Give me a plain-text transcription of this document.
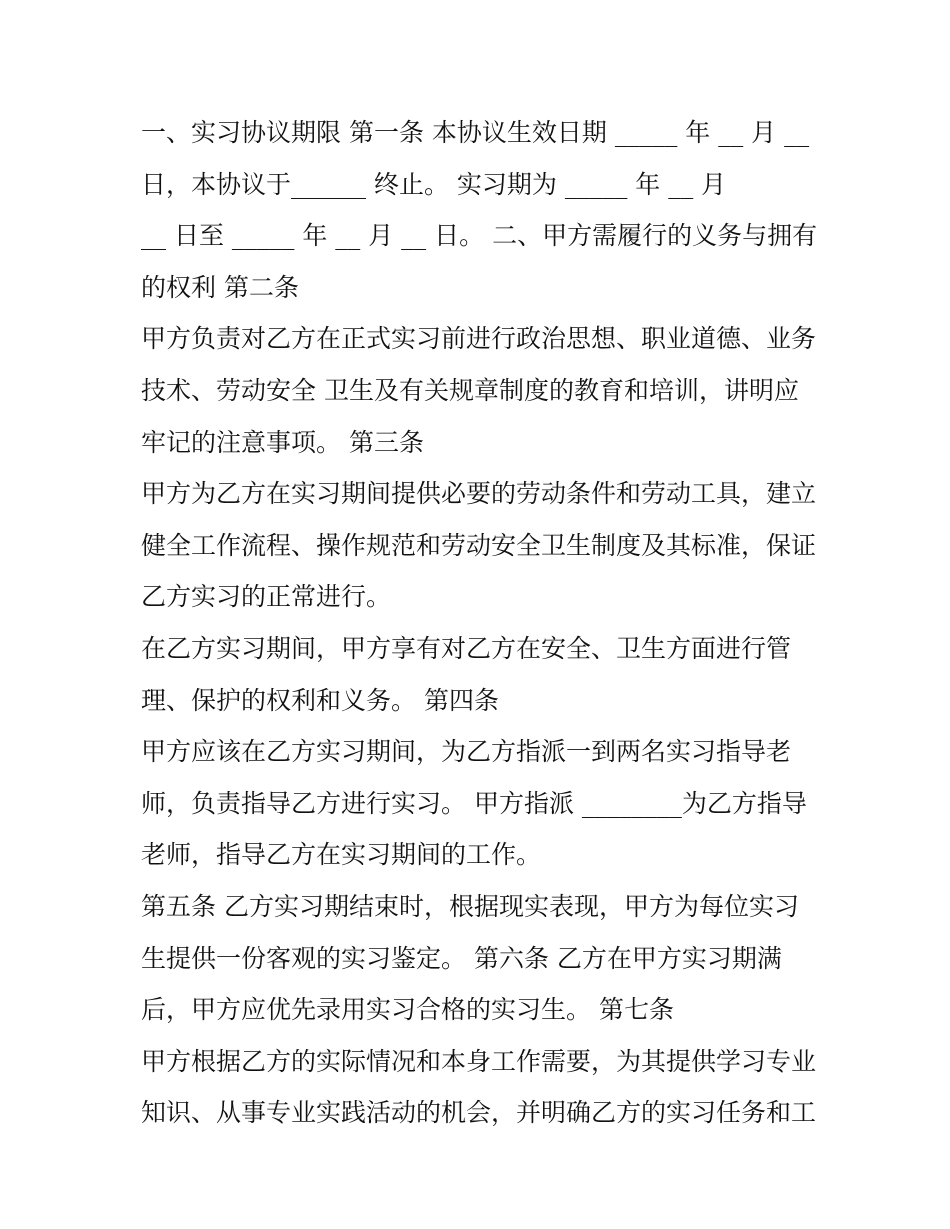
一、实习协议期限 第一条 本协议生效日期 _____ 年 __ 月 __
日，本协议于______ 终止。 实习期为 _____ 年 __ 月
__ 日至 _____ 年 __ 月 __ 日。 二、甲方需履行的义务与拥有
的权利 第二条
甲方负责对乙方在正式实习前进行政治思想、职业道德、业务
技术、劳动安全 卫生及有关规章制度的教育和培训，讲明应
牢记的注意事项。 第三条
甲方为乙方在实习期间提供必要的劳动条件和劳动工具，建立
健全工作流程、操作规范和劳动安全卫生制度及其标准，保证
乙方实习的正常进行。
在乙方实习期间，甲方享有对乙方在安全、卫生方面进行管
理、保护的权利和义务。 第四条
甲方应该在乙方实习期间，为乙方指派一到两名实习指导老
师，负责指导乙方进行实习。 甲方指派 ________为乙方指导
老师，指导乙方在实习期间的工作。
第五条 乙方实习期结束时，根据现实表现，甲方为每位实习
生提供一份客观的实习鉴定。 第六条 乙方在甲方实习期满
后，甲方应优先录用实习合格的实习生。 第七条
甲方根据乙方的实际情况和本身工作需要，为其提供学习专业
知识、从事专业实践活动的机会，并明确乙方的实习任务和工
